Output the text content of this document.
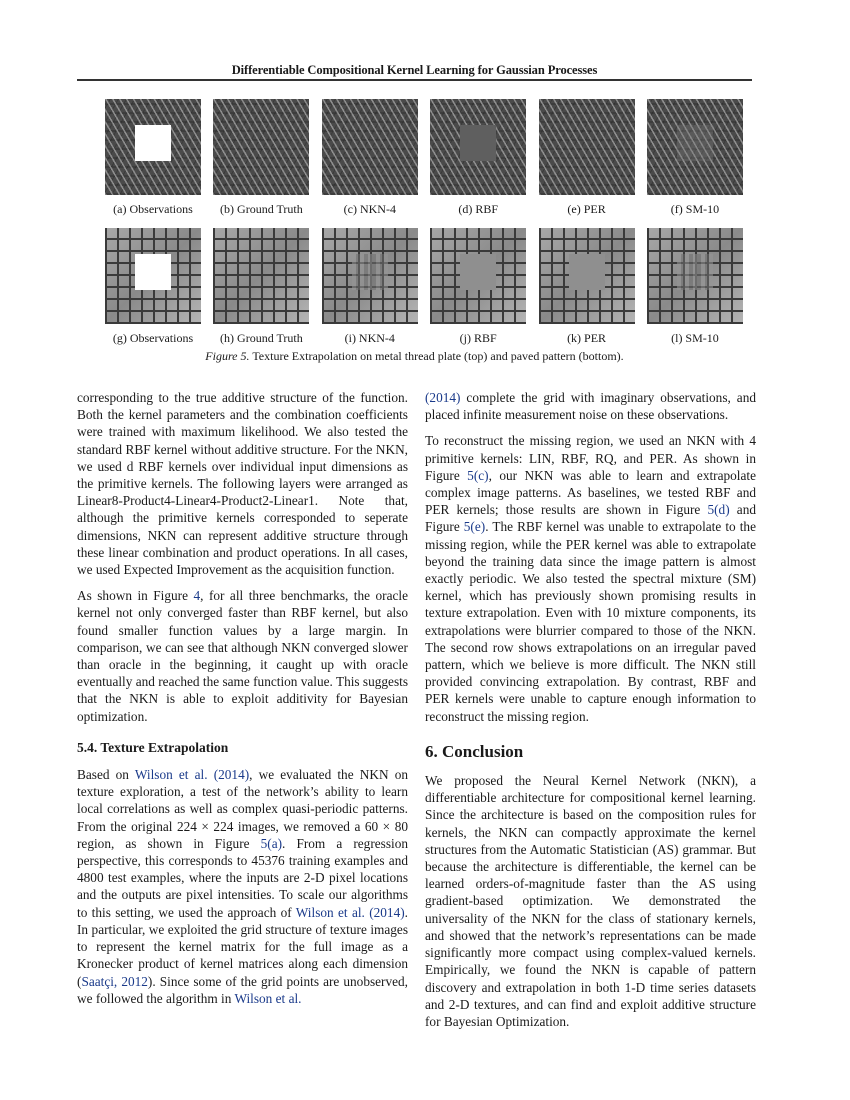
Differentiable Compositional Kernel Learning for Gaussian Processes
(a) Observations (b) Ground Truth	(c) NKN-4	(d) RBF	(e) PER	(f) SM-10
(g) Observations (h) Ground Truth	(i) NKN-4	(j) RBF	(k) PER	(l) SM-10
Figure 5. Texture Extrapolation on metal thread plate (top) and paved pattern (bottom).

corresponding to the true additive structure of the function. Both the kernel parameters and the combination coefficients were trained with maximum likelihood. We also tested the standard RBF kernel without additive structure. For the NKN, we used d RBF kernels over individual input dimensions as the primitive kernels. The following layers were arranged as Linear8-Product4-Linear4-Product2-Linear1. Note that, although the primitive kernels corresponded to seperate dimensions, NKN can represent additive structure through these linear combination and product operations. In all cases, we used Expected Improvement as the acquisition function.

As shown in Figure 4, for all three benchmarks, the oracle kernel not only converged faster than RBF kernel, but also found smaller function values by a large margin. In comparison, we can see that although NKN converged slower than oracle in the beginning, it caught up with oracle eventually and reached the same function value. This suggests that the NKN is able to exploit additivity for Bayesian optimization.

5.4. Texture Extrapolation

Based on Wilson et al. (2014), we evaluated the NKN on texture exploration, a test of the network’s ability to learn local correlations as well as complex quasi-periodic patterns. From the original 224 × 224 images, we removed a 60 × 80 region, as shown in Figure 5(a). From a regression perspective, this corresponds to 45376 training examples and 4800 test examples, where the inputs are 2-D pixel locations and the outputs are pixel intensities. To scale our algorithms to this setting, we used the approach of Wilson et al. (2014). In particular, we exploited the grid structure of texture images to represent the kernel matrix for the full image as a Kronecker product of kernel matrices along each dimension (Saatçi, 2012). Since some of the grid points are unobserved, we followed the algorithm in Wilson et al.

(2014) complete the grid with imaginary observations, and placed infinite measurement noise on these observations.

To reconstruct the missing region, we used an NKN with 4 primitive kernels: LIN, RBF, RQ, and PER. As shown in Figure 5(c), our NKN was able to learn and extrapolate complex image patterns. As baselines, we tested RBF and PER kernels; those results are shown in Figure 5(d) and Figure 5(e). The RBF kernel was unable to extrapolate to the missing region, while the PER kernel was able to extrapolate beyond the training data since the image pattern is almost exactly periodic. We also tested the spectral mixture (SM) kernel, which has previously shown promising results in texture extrapolation. Even with 10 mixture components, its extrapolations were blurrier compared to those of the NKN. The second row shows extrapolations on an irregular paved pattern, which we believe is more difficult. The NKN still provided convincing extrapolation. By contrast, RBF and PER kernels were unable to capture enough information to reconstruct the missing region.

6. Conclusion

We proposed the Neural Kernel Network (NKN), a differentiable architecture for compositional kernel learning. Since the architecture is based on the composition rules for kernels, the NKN can compactly approximate the kernel structures from the Automatic Statistician (AS) grammar. But because the architecture is differentiable, the kernel can be learned orders-of-magnitude faster than the AS using gradient-based optimization. We demonstrated the universality of the NKN for the class of stationary kernels, and showed that the network’s representations can be made significantly more compact using complex-valued kernels. Empirically, we found the NKN is capable of pattern discovery and extrapolation in both 1-D time series datasets and 2-D textures, and can find and exploit additive structure for Bayesian Optimization.
